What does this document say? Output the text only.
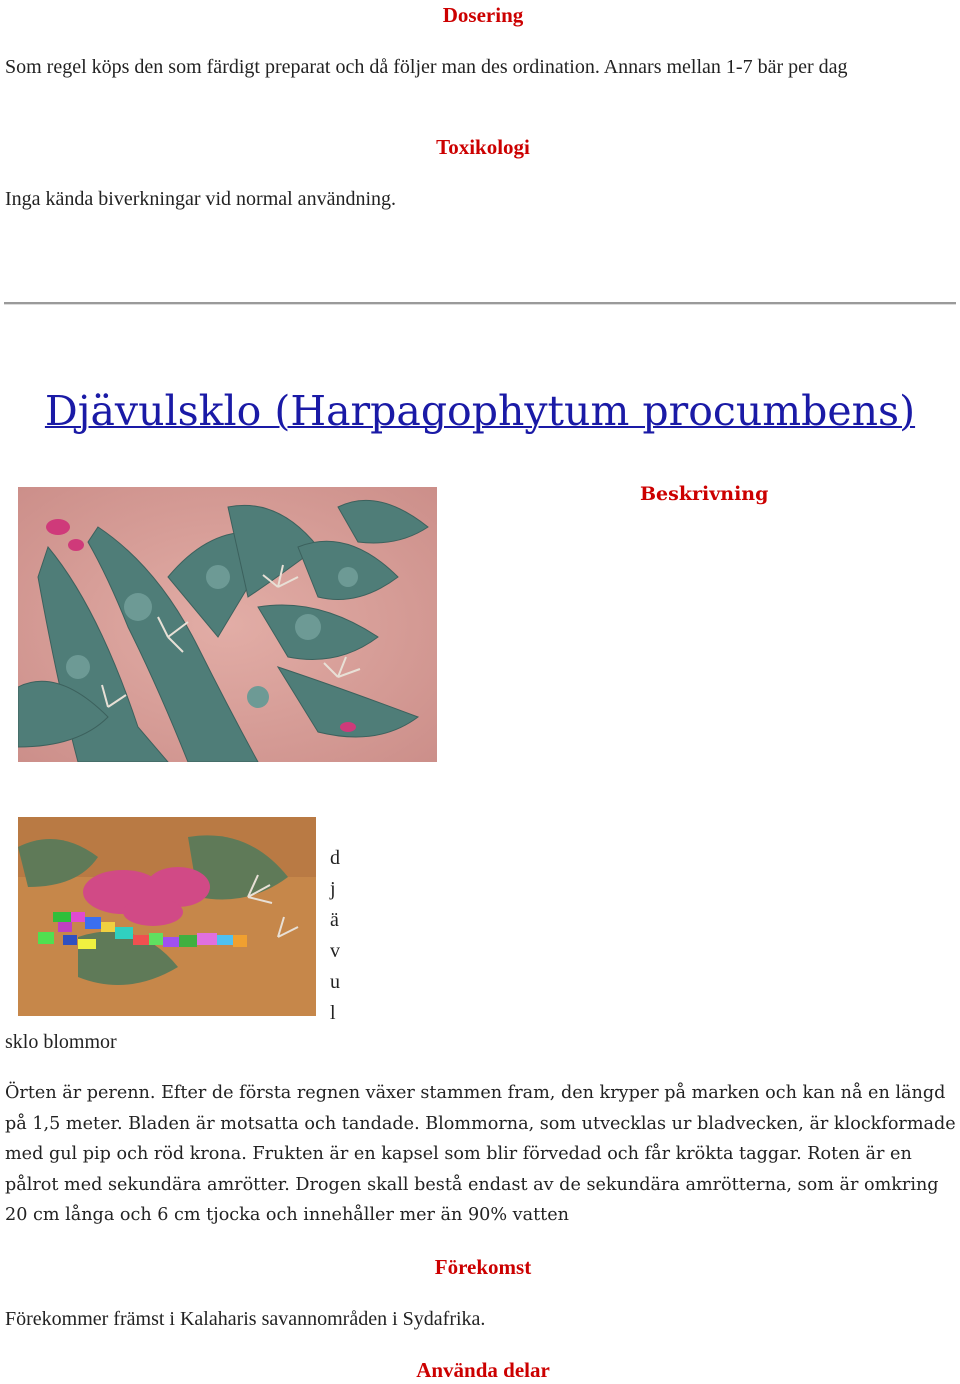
Dosering
Som regel köps den som färdigt preparat och då följer man des ordination. Annars mellan 1-7 bär per dag
Toxikologi
Inga kända biverkningar vid normal användning.
Djävulsklo (Harpagophytum procumbens)
Beskrivning
d
j
ä
v
u
l
sklo blommor
Örten är perenn. Efter de första regnen växer stammen fram, den kryper på marken och kan nå en längd på 1,5 meter. Bladen är motsatta och tandade. Blommorna, som utvecklas ur bladvecken, är klockformade med gul pip och röd krona. Frukten är en kapsel som blir förvedad och får krökta taggar. Roten är en pålrot med sekundära amrötter. Drogen skall bestå endast av de sekundära amrötterna, som är omkring 20 cm långa och 6 cm tjocka och innehåller mer än 90% vatten
Förekomst
Förekommer främst i Kalaharis savannområden i Sydafrika.
Använda delar
